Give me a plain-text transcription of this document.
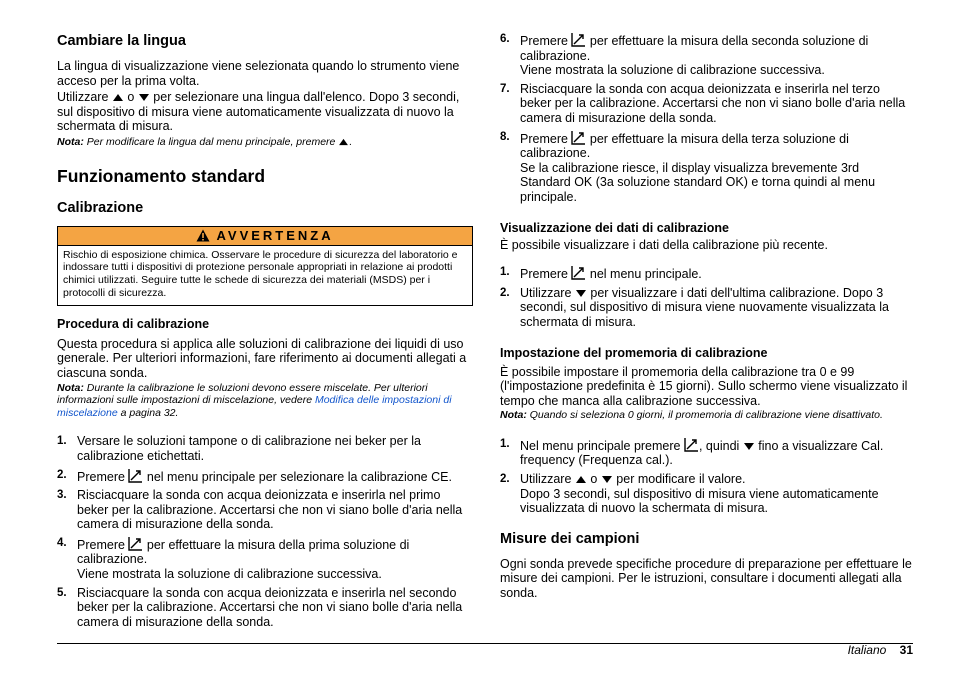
Cambiare la lingua

La lingua di visualizzazione viene selezionata quando lo strumento viene acceso per la prima volta.

Utilizzare o per selezionare una lingua dall'elenco. Dopo 3 secondi, sul dispositivo di misura viene automaticamente visualizzata di nuovo la schermata di misura.

Nota: Per modificare la lingua dal menu principale, premere .

Funzionamento standard
Calibrazione
AVVERTENZA
Rischio di esposizione chimica. Osservare le procedure di sicurezza del laboratorio e indossare tutti i dispositivi di protezione personale appropriati in relazione ai prodotti chimici utilizzati. Seguire tutte le schede di sicurezza dei materiali (MSDS) per i protocolli di sicurezza.
Procedura di calibrazione

Questa procedura si applica alle soluzioni di calibrazione dei liquidi di uso generale. Per ulteriori informazioni, fare riferimento ai documenti allegati a ciascuna sonda.

Nota: Durante la calibrazione le soluzioni devono essere miscelate. Per ulteriori informazioni sulle impostazioni di miscelazione, vedere Modifica delle impostazioni di miscelazione a pagina 32.

1. Versare le soluzioni tampone o di calibrazione nei beker per la calibrazione etichettati.
2. Premere nel menu principale per selezionare la calibrazione CE.
3. Risciacquare la sonda con acqua deionizzata e inserirla nel primo beker per la calibrazione. Accertarsi che non vi siano bolle d'aria nella camera di misurazione della sonda.
4. Premere per effettuare la misura della prima soluzione di calibrazione.
Viene mostrata la soluzione di calibrazione successiva.
5. Risciacquare la sonda con acqua deionizzata e inserirla nel secondo beker per la calibrazione. Accertarsi che non vi siano bolle d'aria nella camera di misurazione della sonda.
6. Premere per effettuare la misura della seconda soluzione di calibrazione.
Viene mostrata la soluzione di calibrazione successiva.
7. Risciacquare la sonda con acqua deionizzata e inserirla nel terzo beker per la calibrazione. Accertarsi che non vi siano bolle d'aria nella camera di misurazione della sonda.
8. Premere per effettuare la misura della terza soluzione di calibrazione.
Se la calibrazione riesce, il display visualizza brevemente 3rd Standard OK (3a soluzione standard OK) e torna quindi al menu principale.
Visualizzazione dei dati di calibrazione

È possibile visualizzare i dati della calibrazione più recente.

1. Premere nel menu principale.
2. Utilizzare per visualizzare i dati dell'ultima calibrazione. Dopo 3 secondi, sul dispositivo di misura viene nuovamente visualizzata la schermata di misura.
Impostazione del promemoria di calibrazione

È possibile impostare il promemoria della calibrazione tra 0 e 99 (l'impostazione predefinita è 15 giorni). Sullo schermo viene visualizzato il tempo che manca alla calibrazione successiva.

Nota: Quando si seleziona 0 giorni, il promemoria di calibrazione viene disattivato.

1. Nel menu principale premere , quindi fino a visualizzare Cal. frequency (Frequenza cal.).
2. Utilizzare o per modificare il valore.
Dopo 3 secondi, sul dispositivo di misura viene automaticamente visualizzata di nuovo la schermata di misura.
Misure dei campioni

Ogni sonda prevede specifiche procedure di preparazione per effettuare le misure dei campioni. Per le istruzioni, consultare i documenti allegati alla sonda.

Italiano 31
